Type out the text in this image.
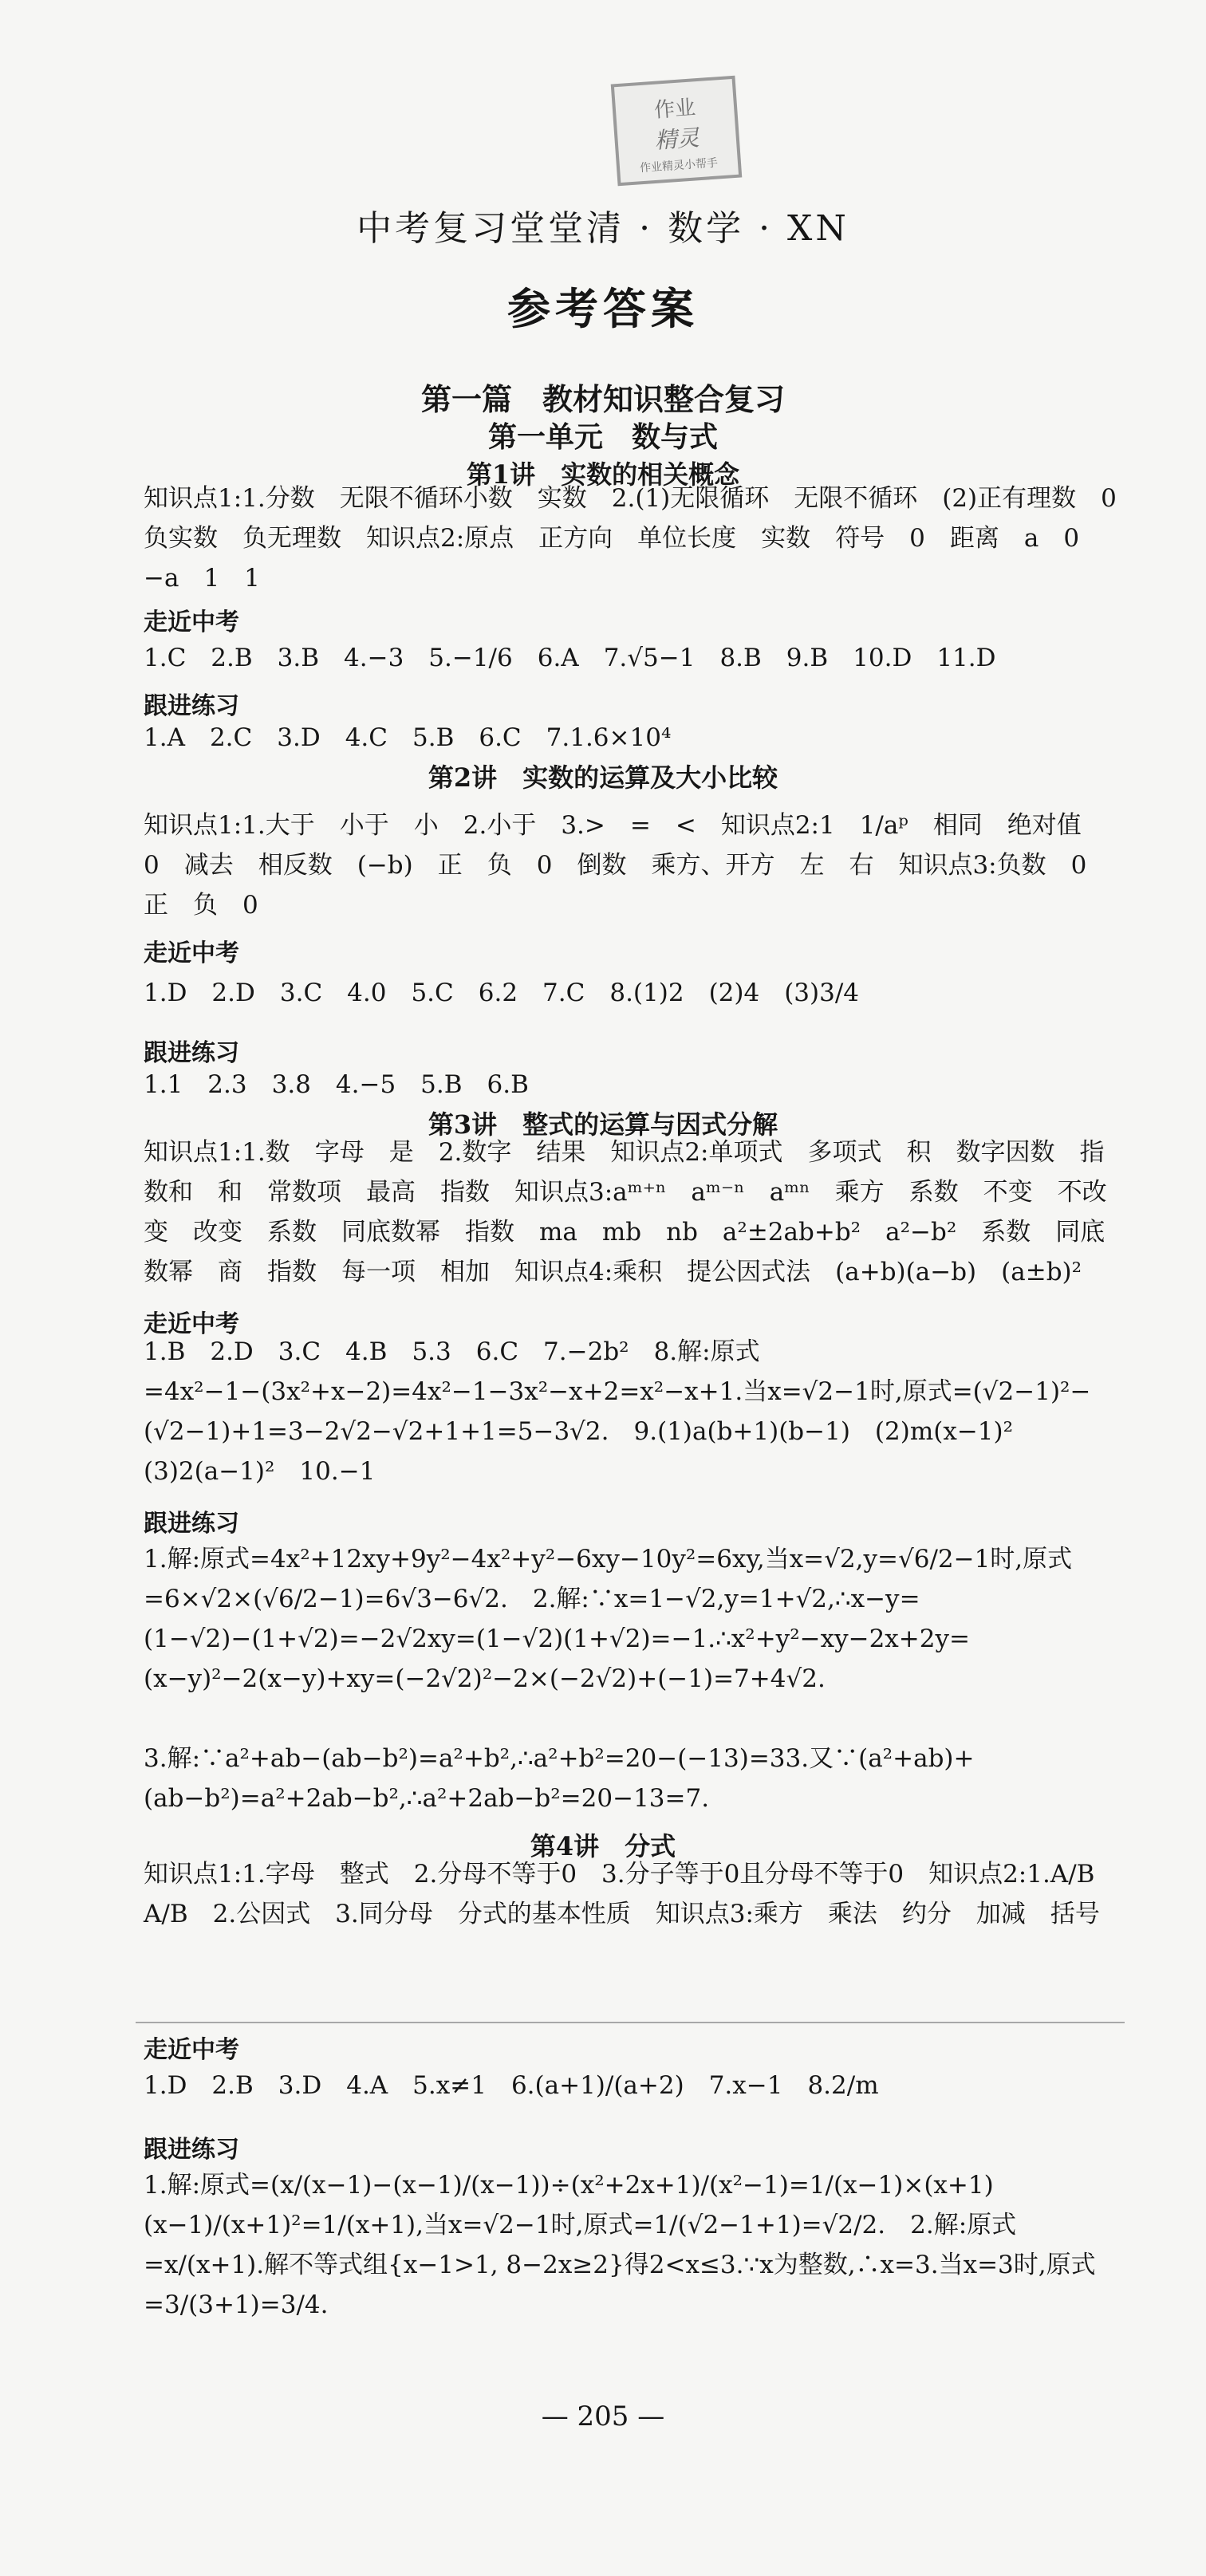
作业
精灵
作业精灵小帮手
中考复习堂堂清 · 数学 · XN
参考答案
第一篇　教材知识整合复习
第一单元　数与式
第1讲　实数的相关概念
知识点1:1.分数　无限不循环小数　实数　2.(1)无限循环　无限不循环　(2)正有理数　0　负实数　负无理数　知识点2:原点　正方向　单位长度　实数　符号　0　距离　a　0　−a　1　1
走近中考
1.C　2.B　3.B　4.−3　5.−1/6　6.A　7.√5−1　8.B　9.B　10.D　11.D
跟进练习
1.A　2.C　3.D　4.C　5.B　6.C　7.1.6×10⁴
第2讲　实数的运算及大小比较
知识点1:1.大于　小于　小　2.小于　3.>　=　<　知识点2:1　1/aᵖ　相同　绝对值　0　减去　相反数　(−b)　正　负　0　倒数　乘方、开方　左　右　知识点3:负数　0　正　负　0
走近中考
1.D　2.D　3.C　4.0　5.C　6.2　7.C　8.(1)2　(2)4　(3)3/4
跟进练习
1.1　2.3　3.8　4.−5　5.B　6.B
第3讲　整式的运算与因式分解
知识点1:1.数　字母　是　2.数字　结果　知识点2:单项式　多项式　积　数字因数　指数和　和　常数项　最高　指数　知识点3:aᵐ⁺ⁿ　aᵐ⁻ⁿ　aᵐⁿ　乘方　系数　不变　不改变　改变　系数　同底数幂　指数　ma　mb　nb　a²±2ab+b²　a²−b²　系数　同底数幂　商　指数　每一项　相加　知识点4:乘积　提公因式法　(a+b)(a−b)　(a±b)²
走近中考
1.B　2.D　3.C　4.B　5.3　6.C　7.−2b²　8.解:原式=4x²−1−(3x²+x−2)=4x²−1−3x²−x+2=x²−x+1.当x=√2−1时,原式=(√2−1)²−(√2−1)+1=3−2√2−√2+1+1=5−3√2.　9.(1)a(b+1)(b−1)　(2)m(x−1)²　(3)2(a−1)²　10.−1
跟进练习
1.解:原式=4x²+12xy+9y²−4x²+y²−6xy−10y²=6xy,当x=√2,y=√6/2−1时,原式=6×√2×(√6/2−1)=6√3−6√2.　2.解:∵x=1−√2,y=1+√2,∴x−y=(1−√2)−(1+√2)=−2√2xy=(1−√2)(1+√2)=−1.∴x²+y²−xy−2x+2y=(x−y)²−2(x−y)+xy=(−2√2)²−2×(−2√2)+(−1)=7+4√2.
3.解:∵a²+ab−(ab−b²)=a²+b²,∴a²+b²=20−(−13)=33.又∵(a²+ab)+(ab−b²)=a²+2ab−b²,∴a²+2ab−b²=20−13=7.
第4讲　分式
知识点1:1.字母　整式　2.分母不等于0　3.分子等于0且分母不等于0　知识点2:1.A/B　A/B　2.公因式　3.同分母　分式的基本性质　知识点3:乘方　乘法　约分　加减　括号
走近中考
1.D　2.B　3.D　4.A　5.x≠1　6.(a+1)/(a+2)　7.x−1　8.2/m
跟进练习
1.解:原式=(x/(x−1)−(x−1)/(x−1))÷(x²+2x+1)/(x²−1)=1/(x−1)×(x+1)(x−1)/(x+1)²=1/(x+1),当x=√2−1时,原式=1/(√2−1+1)=√2/2.　2.解:原式=x/(x+1).解不等式组{x−1>1, 8−2x≥2}得2<x≤3.∵x为整数,∴x=3.当x=3时,原式=3/(3+1)=3/4.
— 205 —
